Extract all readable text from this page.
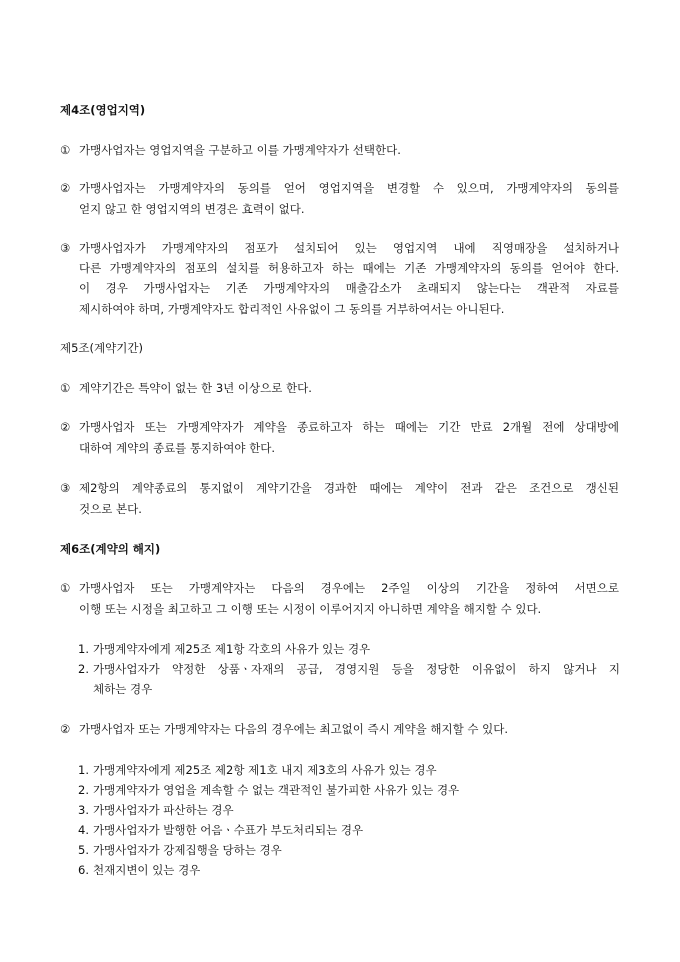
제4조(영업지역)
① 가맹사업자는 영업지역을 구분하고 이를 가맹계약자가 선택한다.
② 가맹사업자는 가맹계약자의 동의를 얻어 영업지역을 변경할 수 있으며, 가맹계약자의 동의를
얻지 않고 한 영업지역의 변경은 효력이 없다.
③ 가맹사업자가 가맹계약자의 점포가 설치되어 있는 영업지역 내에 직영매장을 설치하거나
다른 가맹계약자의 점포의 설치를 허용하고자 하는 때에는 기존 가맹계약자의 동의를 얻어야 한다.
이 경우 가맹사업자는 기존 가맹계약자의 매출감소가 초래되지 않는다는 객관적 자료를
제시하여야 하며, 가맹계약자도 합리적인 사유없이 그 동의를 거부하여서는 아니된다.
제5조(계약기간)
① 계약기간은 특약이 없는 한 3년 이상으로 한다.
② 가맹사업자 또는 가맹계약자가 계약을 종료하고자 하는 때에는 기간 만료 2개월 전에 상대방에
대하여 계약의 종료를 통지하여야 한다.
③ 제2항의 계약종료의 통지없이 계약기간을 경과한 때에는 계약이 전과 같은 조건으로 갱신된
것으로 본다.
제6조(계약의 해지)
① 가맹사업자 또는 가맹계약자는 다음의 경우에는 2주일 이상의 기간을 정하여 서면으로
이행 또는 시정을 최고하고 그 이행 또는 시정이 이루어지지 아니하면 계약을 해지할 수 있다.
1. 가맹계약자에게 제25조 제1항 각호의 사유가 있는 경우
2. 가맹사업자가 약정한 상품ㆍ자재의 공급, 경영지원 등을 정당한 이유없이 하지 않거나 지
체하는 경우
② 가맹사업자 또는 가맹계약자는 다음의 경우에는 최고없이 즉시 계약을 해지할 수 있다.
1. 가맹계약자에게 제25조 제2항 제1호 내지 제3호의 사유가 있는 경우
2. 가맹계약자가 영업을 계속할 수 없는 객관적인 불가피한 사유가 있는 경우
3. 가맹사업자가 파산하는 경우
4. 가맹사업자가 발행한 어음ㆍ수표가 부도처리되는 경우
5. 가맹사업자가 강제집행을 당하는 경우
6. 천재지변이 있는 경우
